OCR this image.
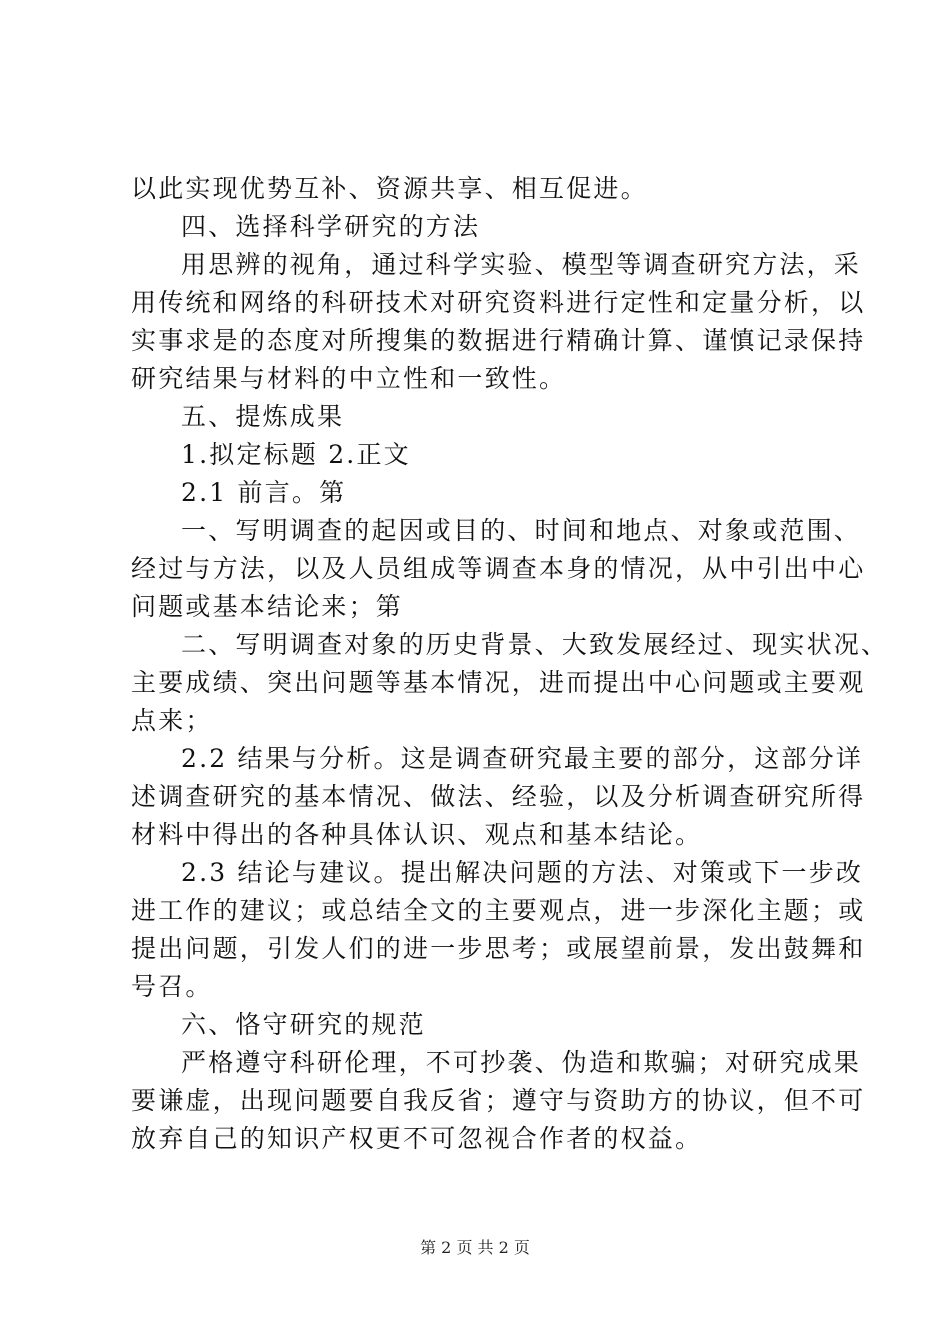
以此实现优势互补、资源共享、相互促进。
四、选择科学研究的方法
用思辨的视角，通过科学实验、模型等调查研究方法，采
用传统和网络的科研技术对研究资料进行定性和定量分析，以
实事求是的态度对所搜集的数据进行精确计算、谨慎记录保持
研究结果与材料的中立性和一致性。
五、提炼成果
1.拟定标题 2.正文
2.1 前言。第
一、写明调查的起因或目的、时间和地点、对象或范围、
经过与方法，以及人员组成等调查本身的情况，从中引出中心
问题或基本结论来；第
二、写明调查对象的历史背景、大致发展经过、现实状况、
主要成绩、突出问题等基本情况，进而提出中心问题或主要观
点来；
2.2 结果与分析。这是调查研究最主要的部分，这部分详
述调查研究的基本情况、做法、经验，以及分析调查研究所得
材料中得出的各种具体认识、观点和基本结论。
2.3 结论与建议。提出解决问题的方法、对策或下一步改
进工作的建议；或总结全文的主要观点，进一步深化主题；或
提出问题，引发人们的进一步思考；或展望前景，发出鼓舞和
号召。
六、恪守研究的规范
严格遵守科研伦理，不可抄袭、伪造和欺骗；对研究成果
要谦虚，出现问题要自我反省；遵守与资助方的协议，但不可
放弃自己的知识产权更不可忽视合作者的权益。
第 2 页 共 2 页
